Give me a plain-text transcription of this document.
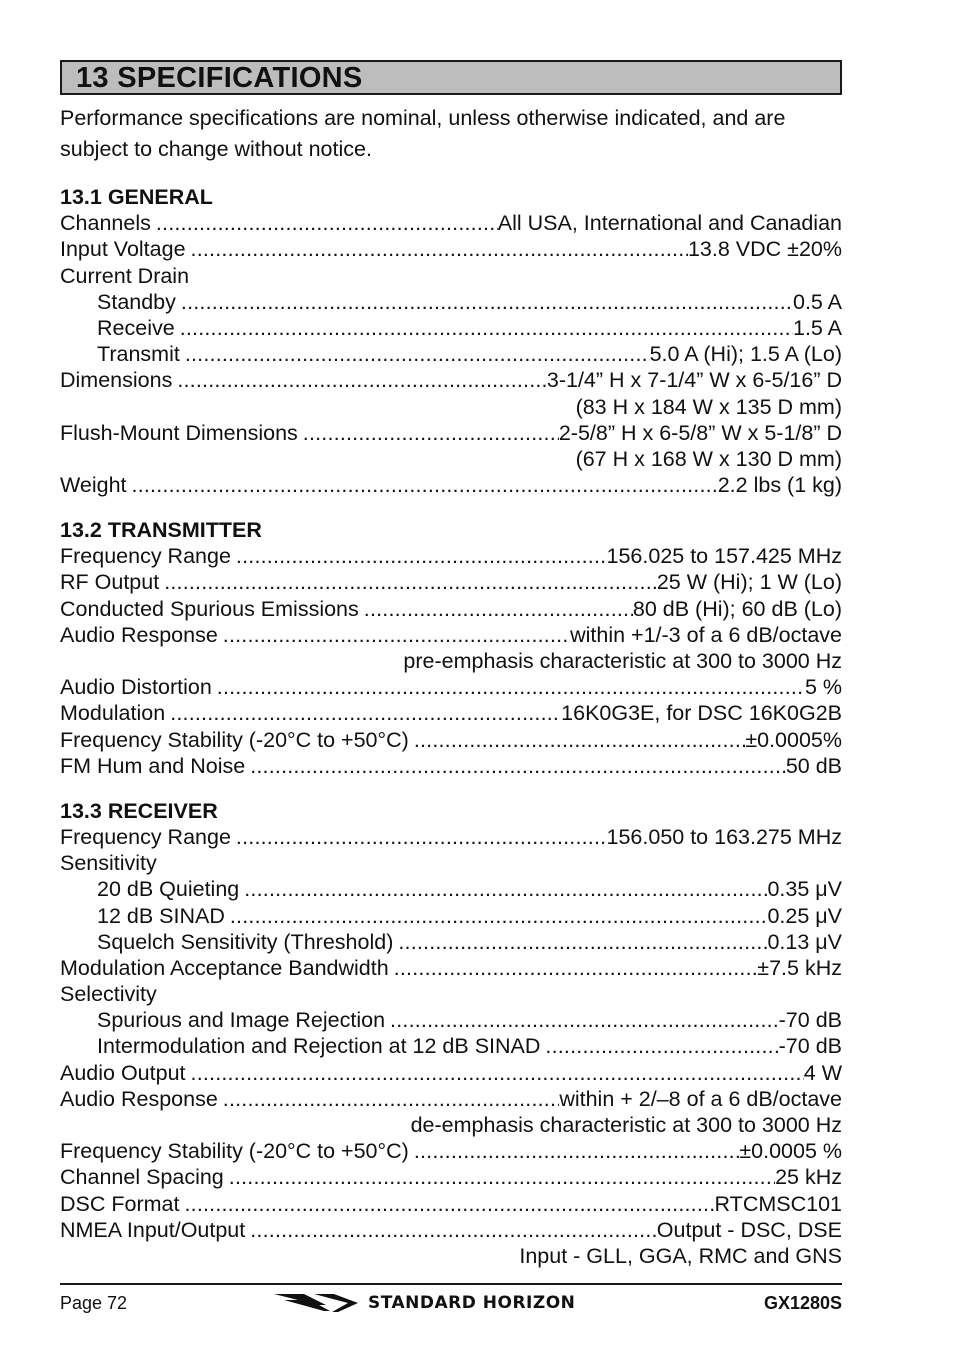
13 SPECIFICATIONS
Performance specifications are nominal, unless otherwise indicated, and are subject to change without notice.
13.1 GENERAL
Channels .....	All USA, International and Canadian
Input Voltage .....	13.8 VDC ±20%
Current Drain
Standby .....	0.5 A
Receive .....	1.5 A
Transmit .....	5.0 A (Hi); 1.5 A (Lo)
Dimensions .....	3-1/4” H x 7-1/4” W x 6-5/16” D
(83 H x 184 W x 135 D mm)
Flush-Mount Dimensions .....	2-5/8” H x 6-5/8” W x 5-1/8” D
(67 H x 168 W x 130 D mm)
Weight .....	2.2 lbs (1 kg)
13.2 TRANSMITTER
Frequency Range .....	156.025 to 157.425 MHz
RF Output .....	25 W (Hi); 1 W (Lo)
Conducted Spurious Emissions .....	80 dB (Hi); 60 dB (Lo)
Audio Response .....	within +1/-3 of a 6 dB/octave
pre-emphasis characteristic at 300 to 3000 Hz
Audio Distortion .....	5 %
Modulation .....	16K0G3E, for DSC 16K0G2B
Frequency Stability (-20°C to +50°C) .....	±0.0005%
FM Hum and Noise .....	50 dB
13.3 RECEIVER
Frequency Range .....	156.050 to 163.275 MHz
Sensitivity
20 dB Quieting .....	0.35 μV
12 dB SINAD .....	0.25 μV
Squelch Sensitivity (Threshold) .....	0.13 μV
Modulation Acceptance Bandwidth .....	±7.5 kHz
Selectivity
Spurious and Image Rejection .....	-70 dB
Intermodulation and Rejection at 12 dB SINAD .....	-70 dB
Audio Output .....	4 W
Audio Response .....	within + 2/–8 of a 6 dB/octave
de-emphasis characteristic at 300 to 3000 Hz
Frequency Stability (-20°C to +50°C) .....	±0.0005 %
Channel Spacing .....	25 kHz
DSC Format .....	RTCMSC101
NMEA Input/Output .....	Output - DSC, DSE
Input - GLL, GGA, RMC and GNS
Page 72	STANDARD HORIZON	GX1280S
